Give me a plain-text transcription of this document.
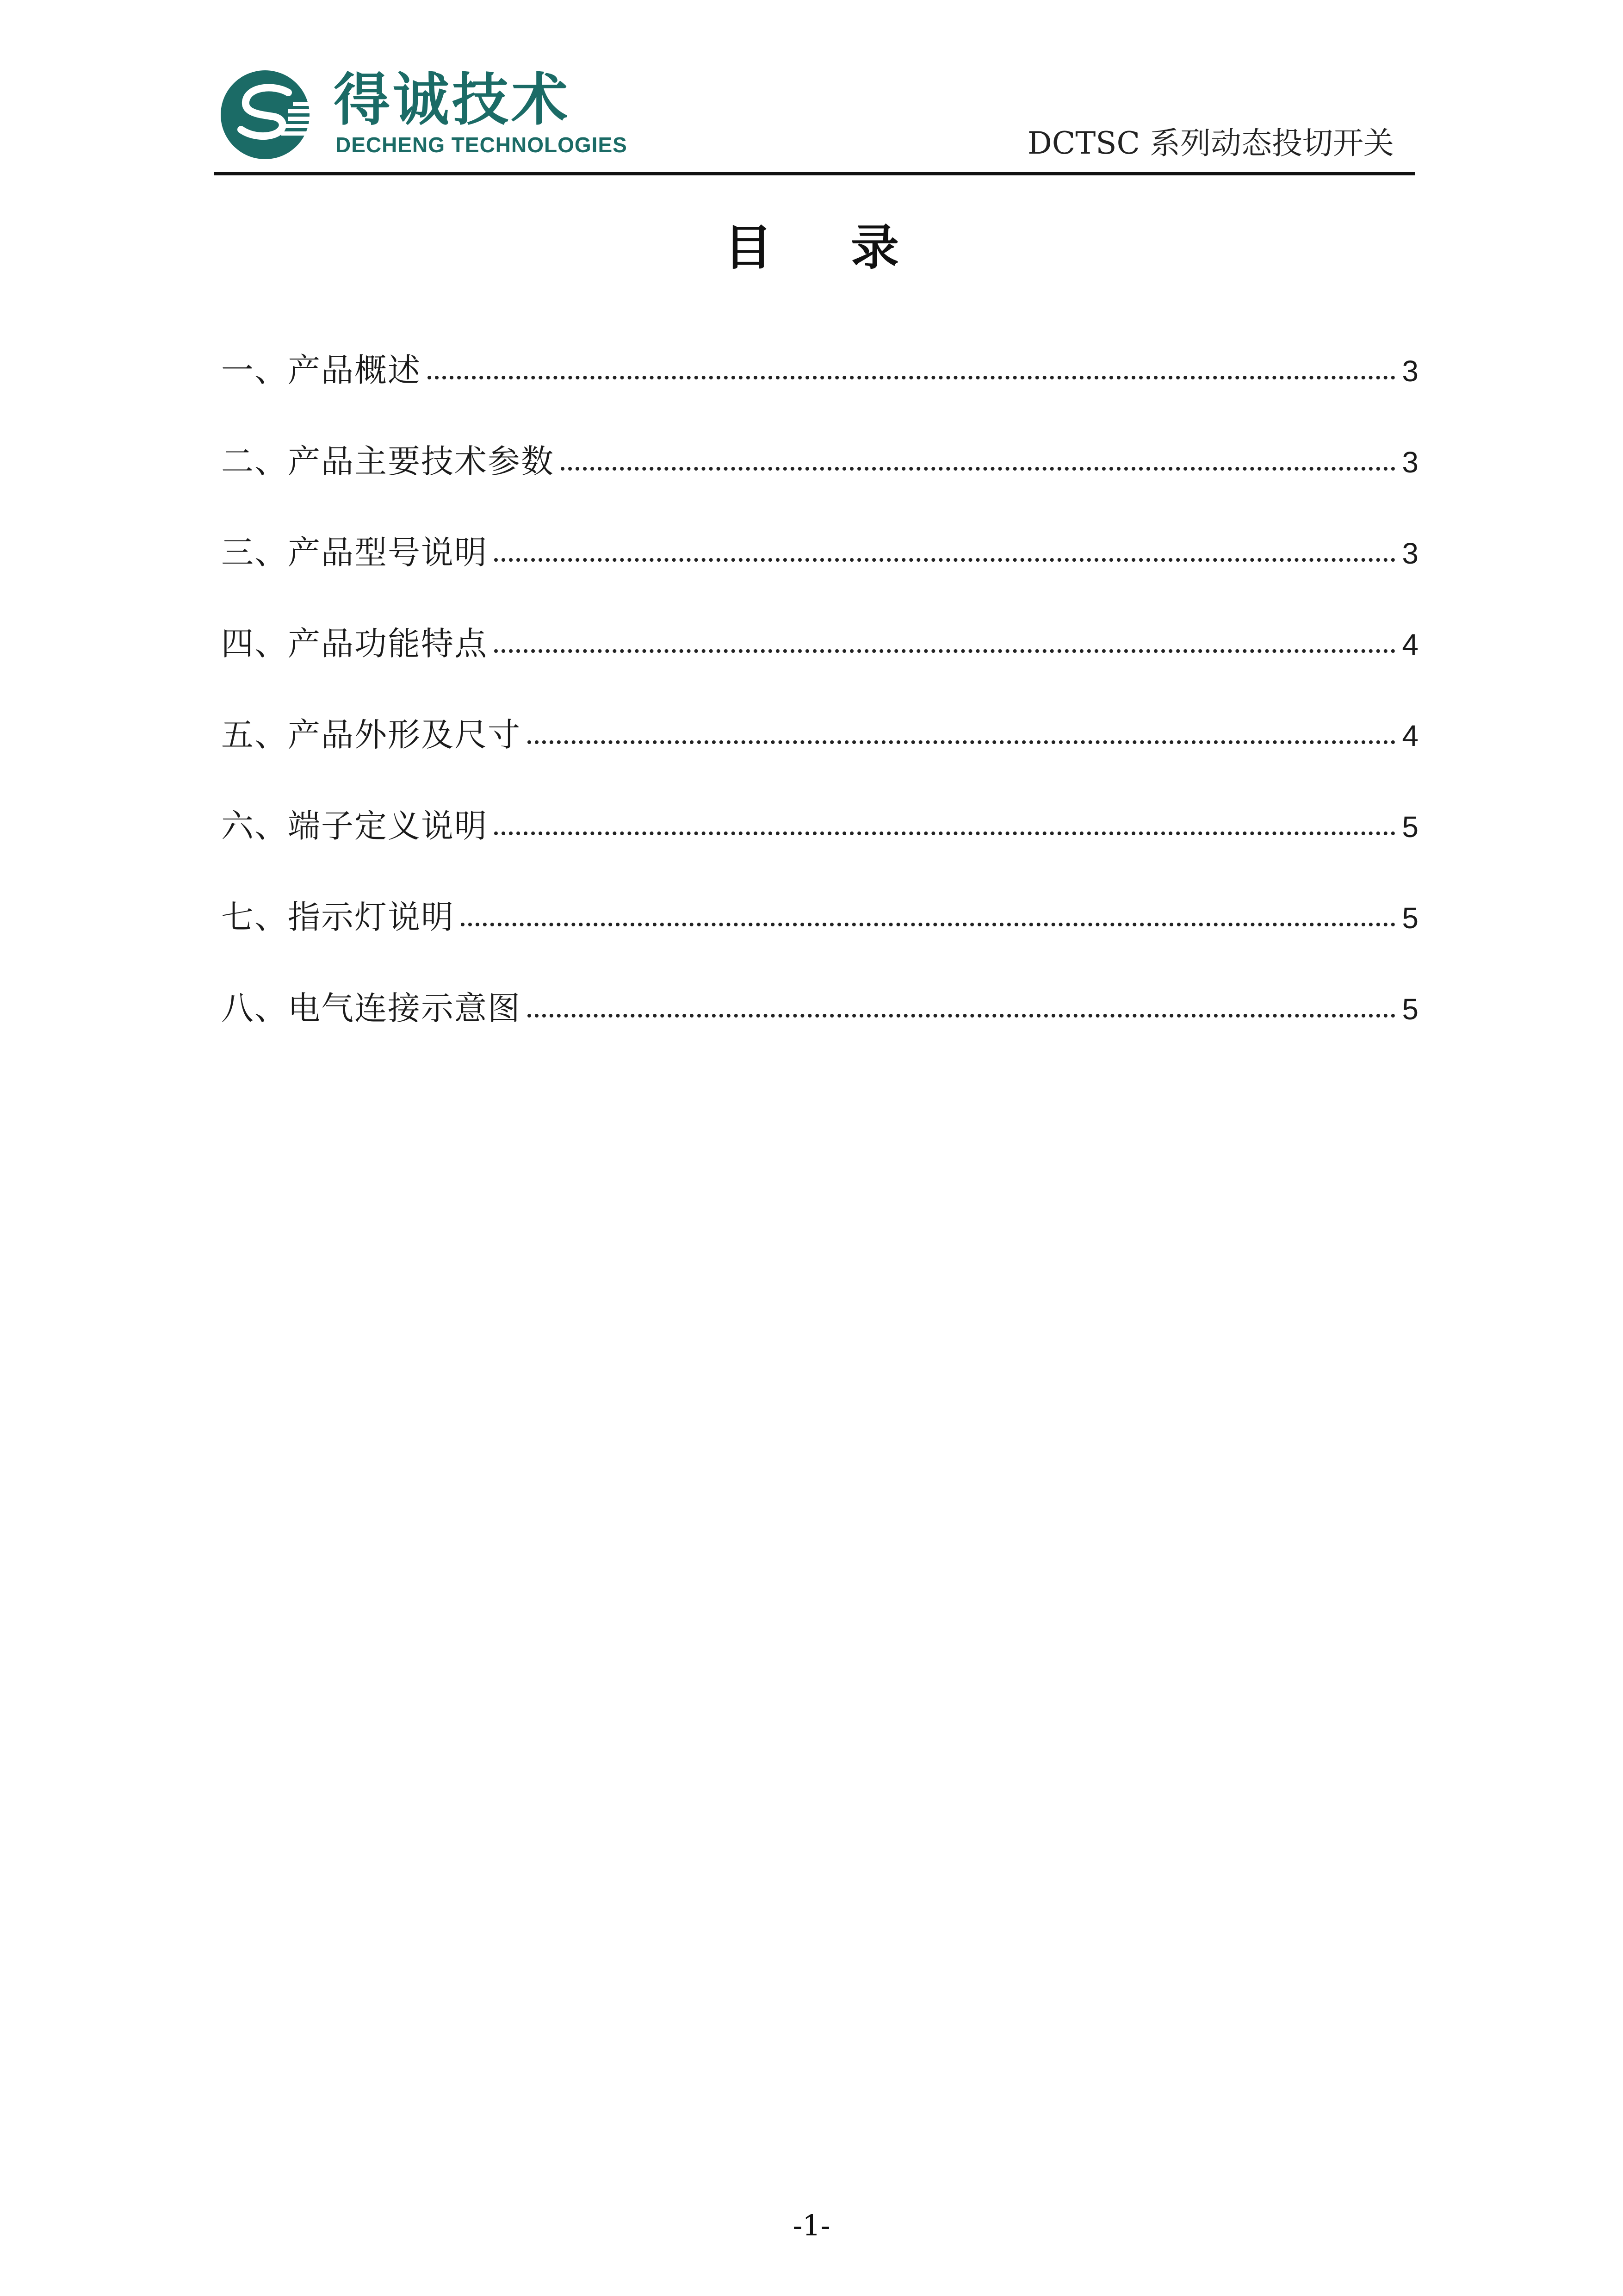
得诚技术
DECHENG TECHNOLOGIES	DCTSC 系列动态投切开关
目录
一、产品概述	3
二、产品主要技术参数	3
三、产品型号说明	3
四、产品功能特点	4
五、产品外形及尺寸	4
六、端子定义说明	5
七、指示灯说明	5
八、电气连接示意图	5
-1-
